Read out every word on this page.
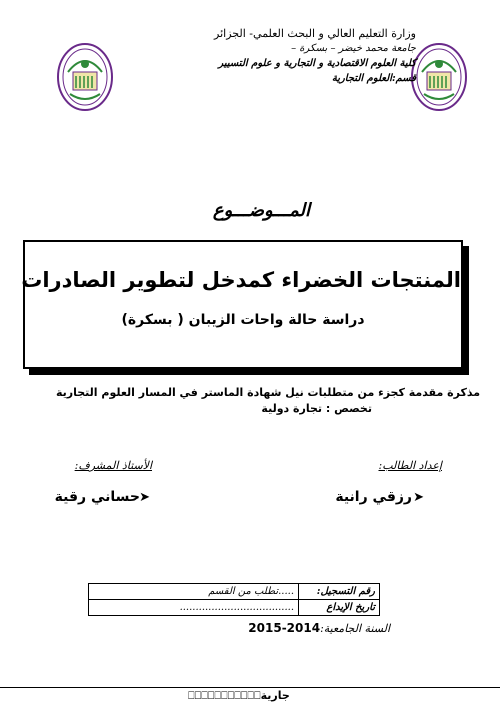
وزارة التعليم العالي و البحث العلمي- الجزائر
جامعة محمد خيضر – بسكرة –
كلية العلوم الاقتصادية و التجارية و علوم التسيير
قسم:العلوم التجارية
المـــوضـــوع
المنتجات الخضراء كمدخل لتطوير الصادرات
دراسة حالة واحات الزيبان ( بسكرة)
مذكرة مقدمة كجزء من متطلبات نيل شهادة الماستر في المسار العلوم التجارية
تخصص : تجارة دولية
إعداد الطالب:
الأستاذ المشرف:
➤
رزقي رانية
➤
حساني رقية
رقم التسجيل:	.....تطلب من القسم
تاريخ الإيداع	....................................
السنة الجامعية:2014-2015
جارية⎕⎕⎕⎕⎕⎕⎕⎕⎕⎕⎕
